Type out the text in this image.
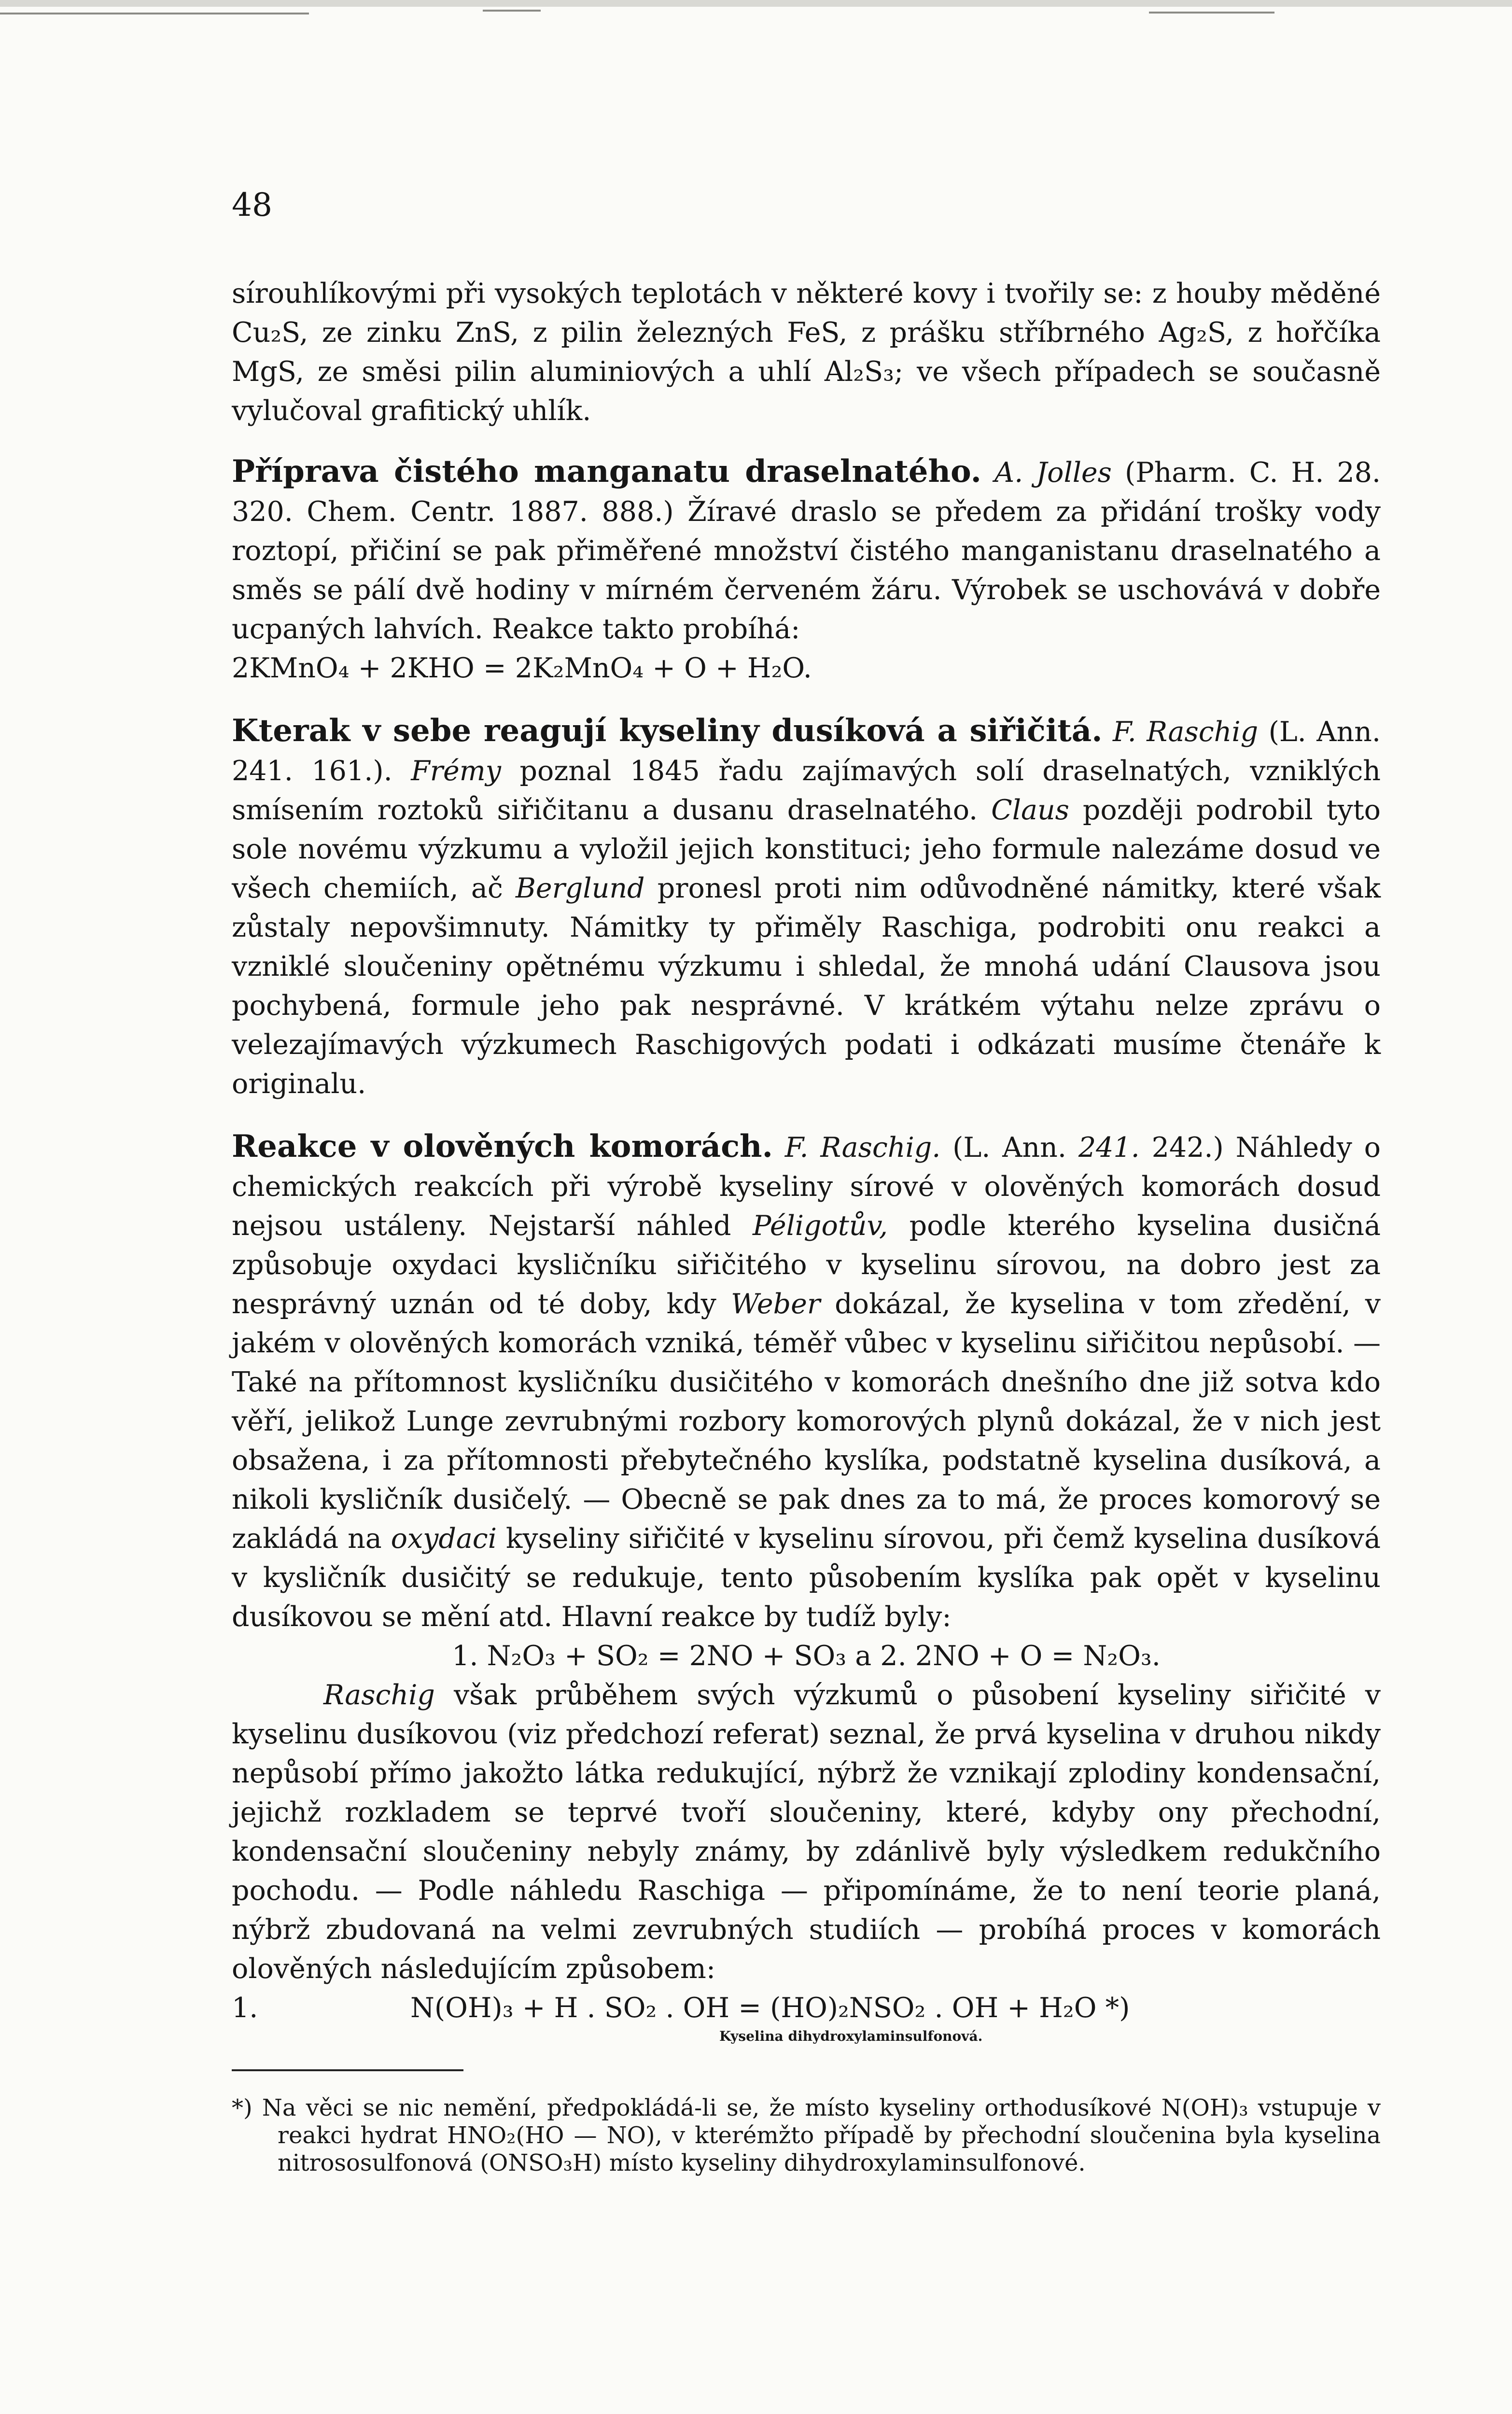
48

sírouhlíkovými při vysokých teplotách v některé kovy i tvořily se: z houby měděné Cu₂S, ze zinku ZnS, z pilin železných FeS, z prášku stříbrného Ag₂S, z hořčíka MgS, ze směsi pilin aluminiových a uhlí Al₂S₃; ve všech případech se současně vylučoval grafitický uhlík.

Příprava čistého manganatu draselnatého. A. Jolles (Pharm. C. H. 28. 320. Chem. Centr. 1887. 888.) Žíravé draslo se předem za přidání trošky vody roztopí, přičiní se pak přiměřené množství čistého manganistanu draselnatého a směs se pálí dvě hodiny v mírném červeném žáru. Výrobek se uschovává v dobře ucpaných lahvích. Reakce takto probíhá:
2KMnO₄ + 2KHO = 2K₂MnO₄ + O + H₂O.

Kterak v sebe reagují kyseliny dusíková a siřičitá. F. Raschig (L. Ann. 241. 161.). Frémy poznal 1845 řadu zajímavých solí draselnatých, vzniklých smísením roztoků siřičitanu a dusanu draselnatého. Claus později podrobil tyto sole novému výzkumu a vyložil jejich konstituci; jeho formule nalezáme dosud ve všech chemiích, ač Berglund pronesl proti nim odůvodněné námitky, které však zůstaly nepovšimnuty. Námitky ty přiměly Raschiga, podrobiti onu reakci a vzniklé sloučeniny opětnému výzkumu i shledal, že mnohá udání Clausova jsou pochybená, formule jeho pak nesprávné. V krátkém výtahu nelze zprávu o velezajímavých výzkumech Raschigových podati i odkázati musíme čtenáře k originalu.

Reakce v olověných komorách. F. Raschig. (L. Ann. 241. 242.) Náhledy o chemických reakcích při výrobě kyseliny sírové v olověných komorách dosud nejsou ustáleny. Nejstarší náhled Péligotův, podle kterého kyselina dusičná způsobuje oxydaci kysličníku siřičitého v kyselinu sírovou, na dobro jest za nesprávný uznán od té doby, kdy Weber dokázal, že kyselina v tom zředění, v jakém v olověných komorách vzniká, téměř vůbec v kyselinu siřičitou nepůsobí. — Také na přítomnost kysličníku dusičitého v komorách dnešního dne již sotva kdo věří, jelikož Lunge zevrubnými rozbory komorových plynů dokázal, že v nich jest obsažena, i za přítomnosti přebytečného kyslíka, podstatně kyselina dusíková, a nikoli kysličník dusičelý. — Obecně se pak dnes za to má, že proces komorový se zakládá na oxydaci kyseliny siřičité v kyselinu sírovou, při čemž kyselina dusíková v kysličník dusičitý se redukuje, tento působením kyslíka pak opět v kyselinu dusíkovou se mění atd. Hlavní reakce by tudíž byly:

1. N₂O₃ + SO₂ = 2NO + SO₃ a 2. 2NO + O = N₂O₃.

Raschig však průběhem svých výzkumů o působení kyseliny siřičité v kyselinu dusíkovou (viz předchozí referat) seznal, že prvá kyselina v druhou nikdy nepůsobí přímo jakožto látka redukující, nýbrž že vznikají zplodiny kondensační, jejichž rozkladem se teprvé tvoří sloučeniny, které, kdyby ony přechodní, kondensační sloučeniny nebyly známy, by zdánlivě byly výsledkem redukčního pochodu. — Podle náhledu Raschiga — připomínáme, že to není teorie planá, nýbrž zbudovaná na velmi zevrubných studiích — probíhá proces v komorách olověných následujícím způsobem:

1.	N(OH)₃ + H . SO₂ . OH = (HO)₂NSO₂ . OH + H₂O *)
Kyselina dihydroxylaminsulfonová.

*) Na věci se nic nemění, předpokládá-li se, že místo kyseliny orthodusíkové N(OH)₃ vstupuje v reakci hydrat HNO₂(HO — NO), v kterémžto případě by přechodní sloučenina byla kyselina nitrososulfonová (ONSO₃H) místo kyseliny dihydroxylaminsulfonové.
